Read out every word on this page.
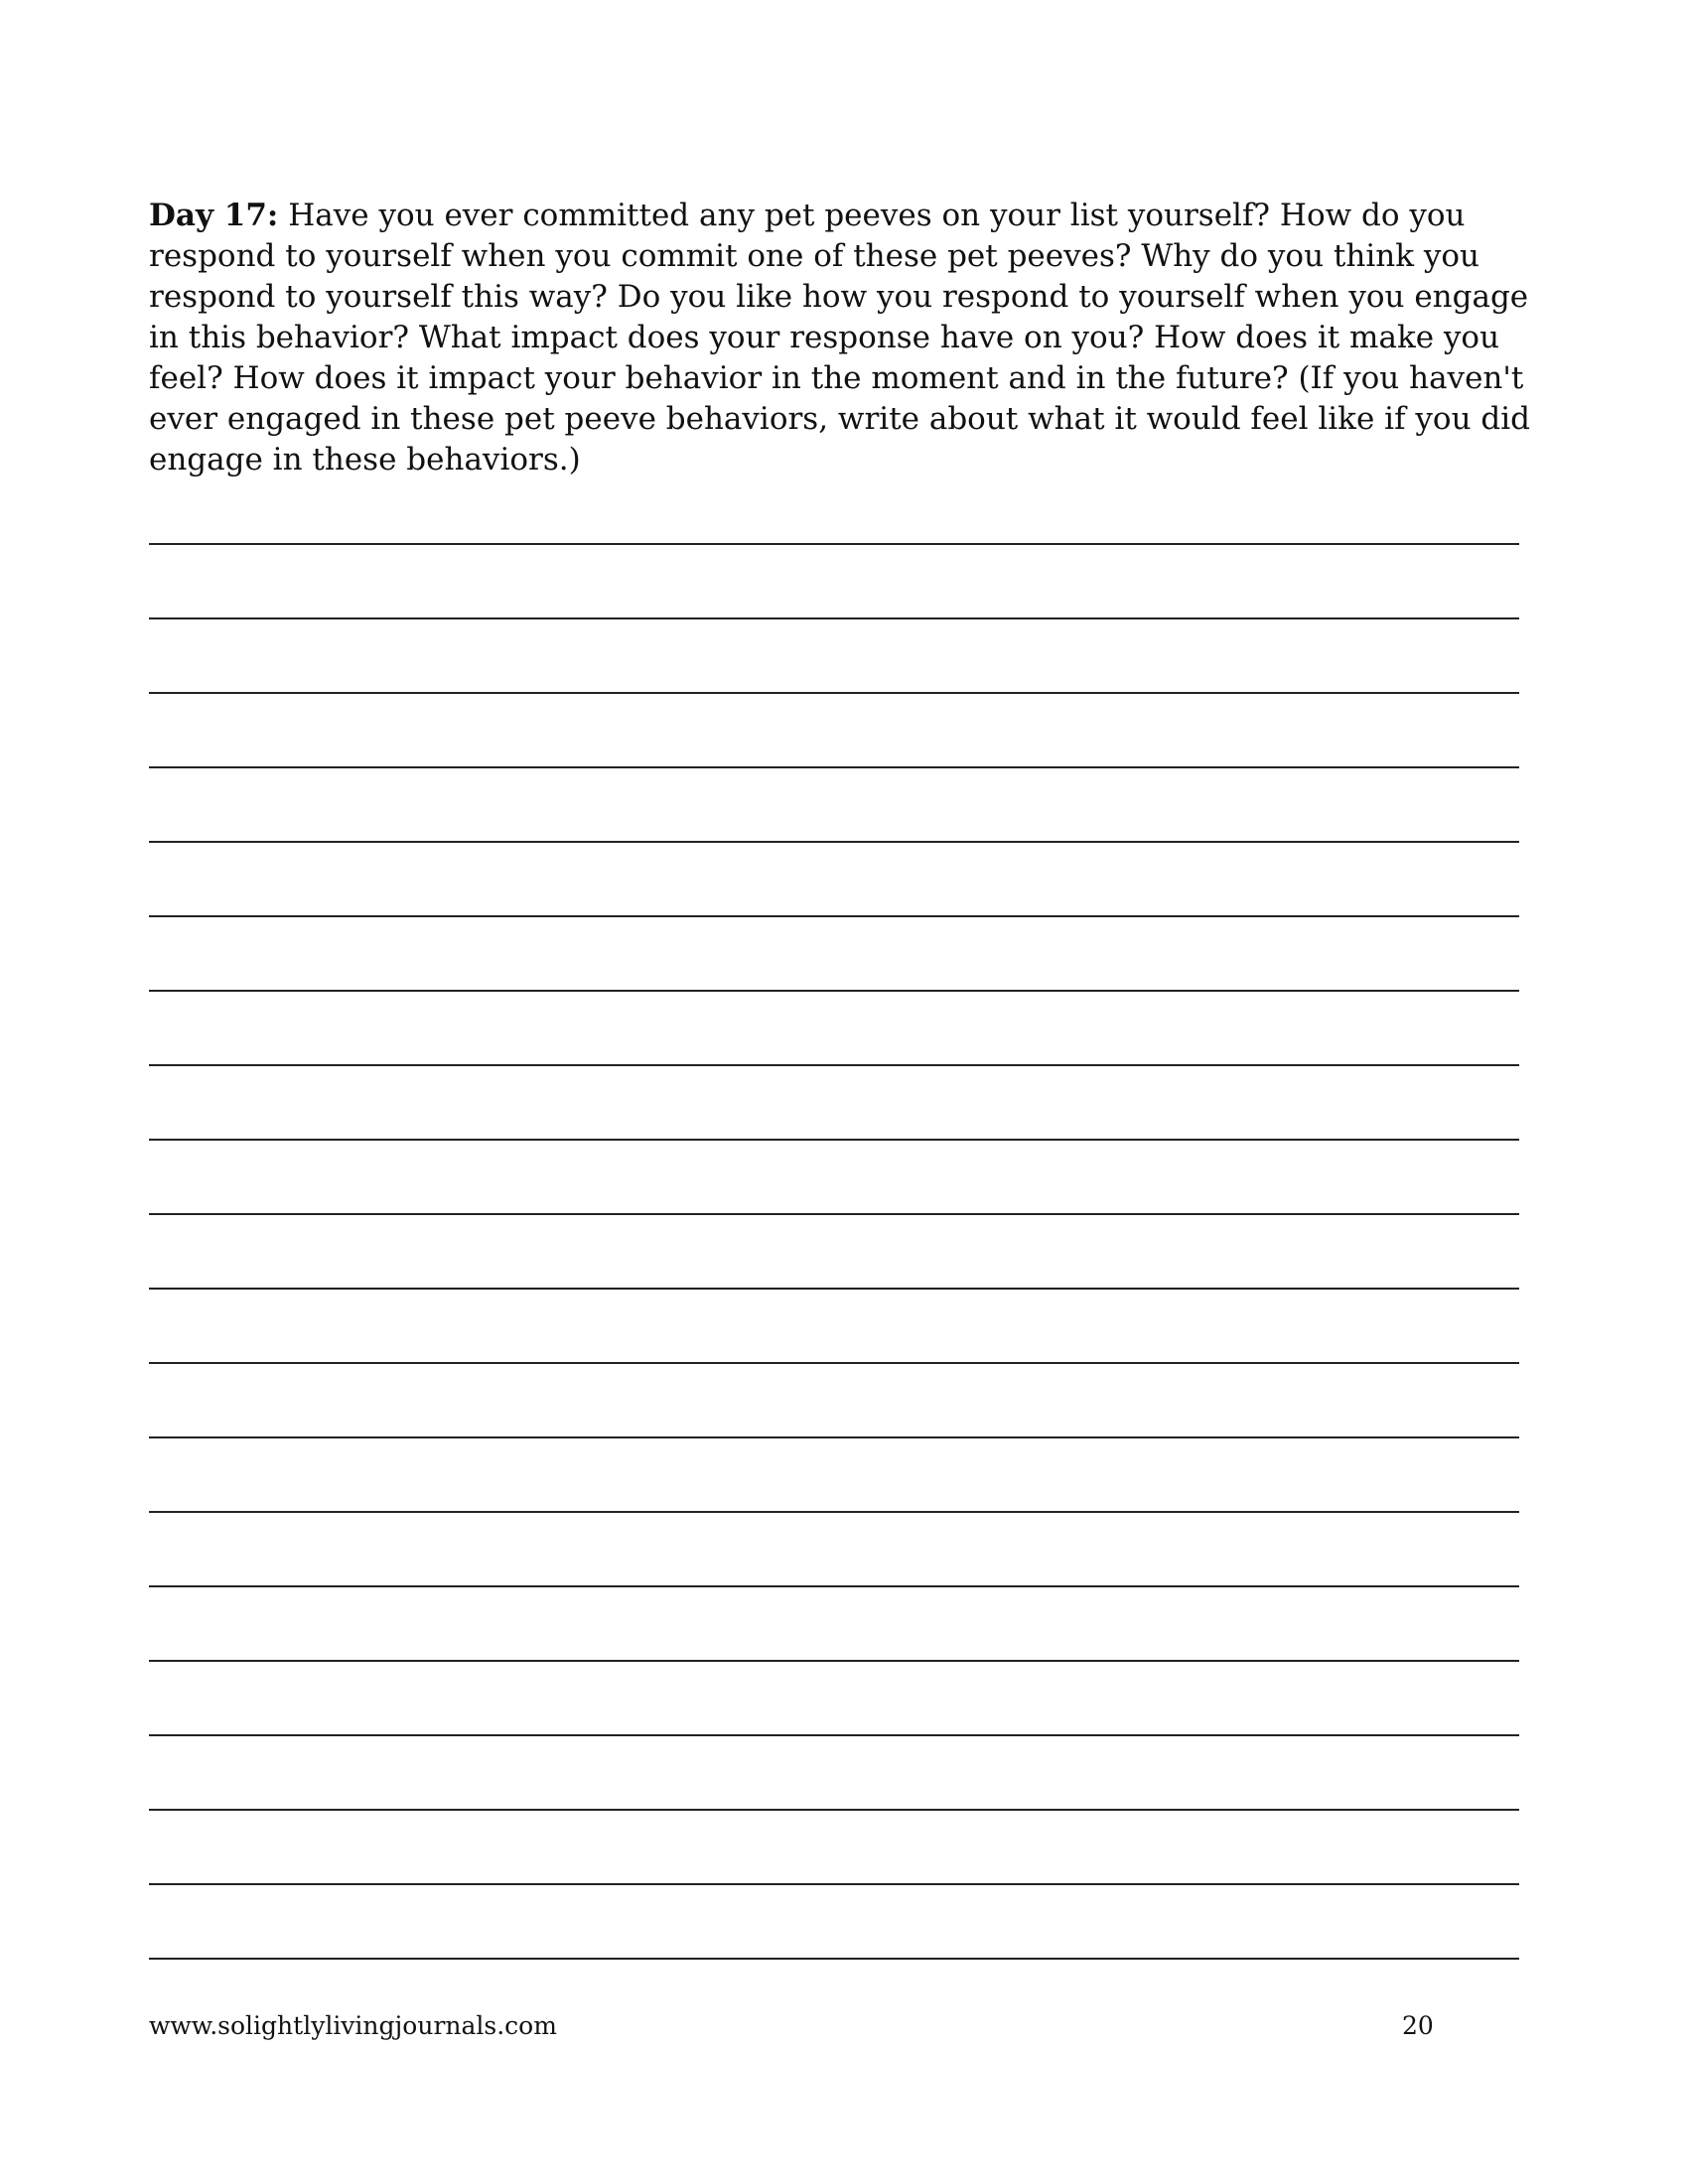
Day 17: Have you ever committed any pet peeves on your list yourself? How do you respond to yourself when you commit one of these pet peeves? Why do you think you respond to yourself this way? Do you like how you respond to yourself when you engage in this behavior? What impact does your response have on you? How does it make you feel? How does it impact your behavior in the moment and in the future? (If you haven't ever engaged in these pet peeve behaviors, write about what it would feel like if you did engage in these behaviors.)

www.solightlylivingjournals.com	20
